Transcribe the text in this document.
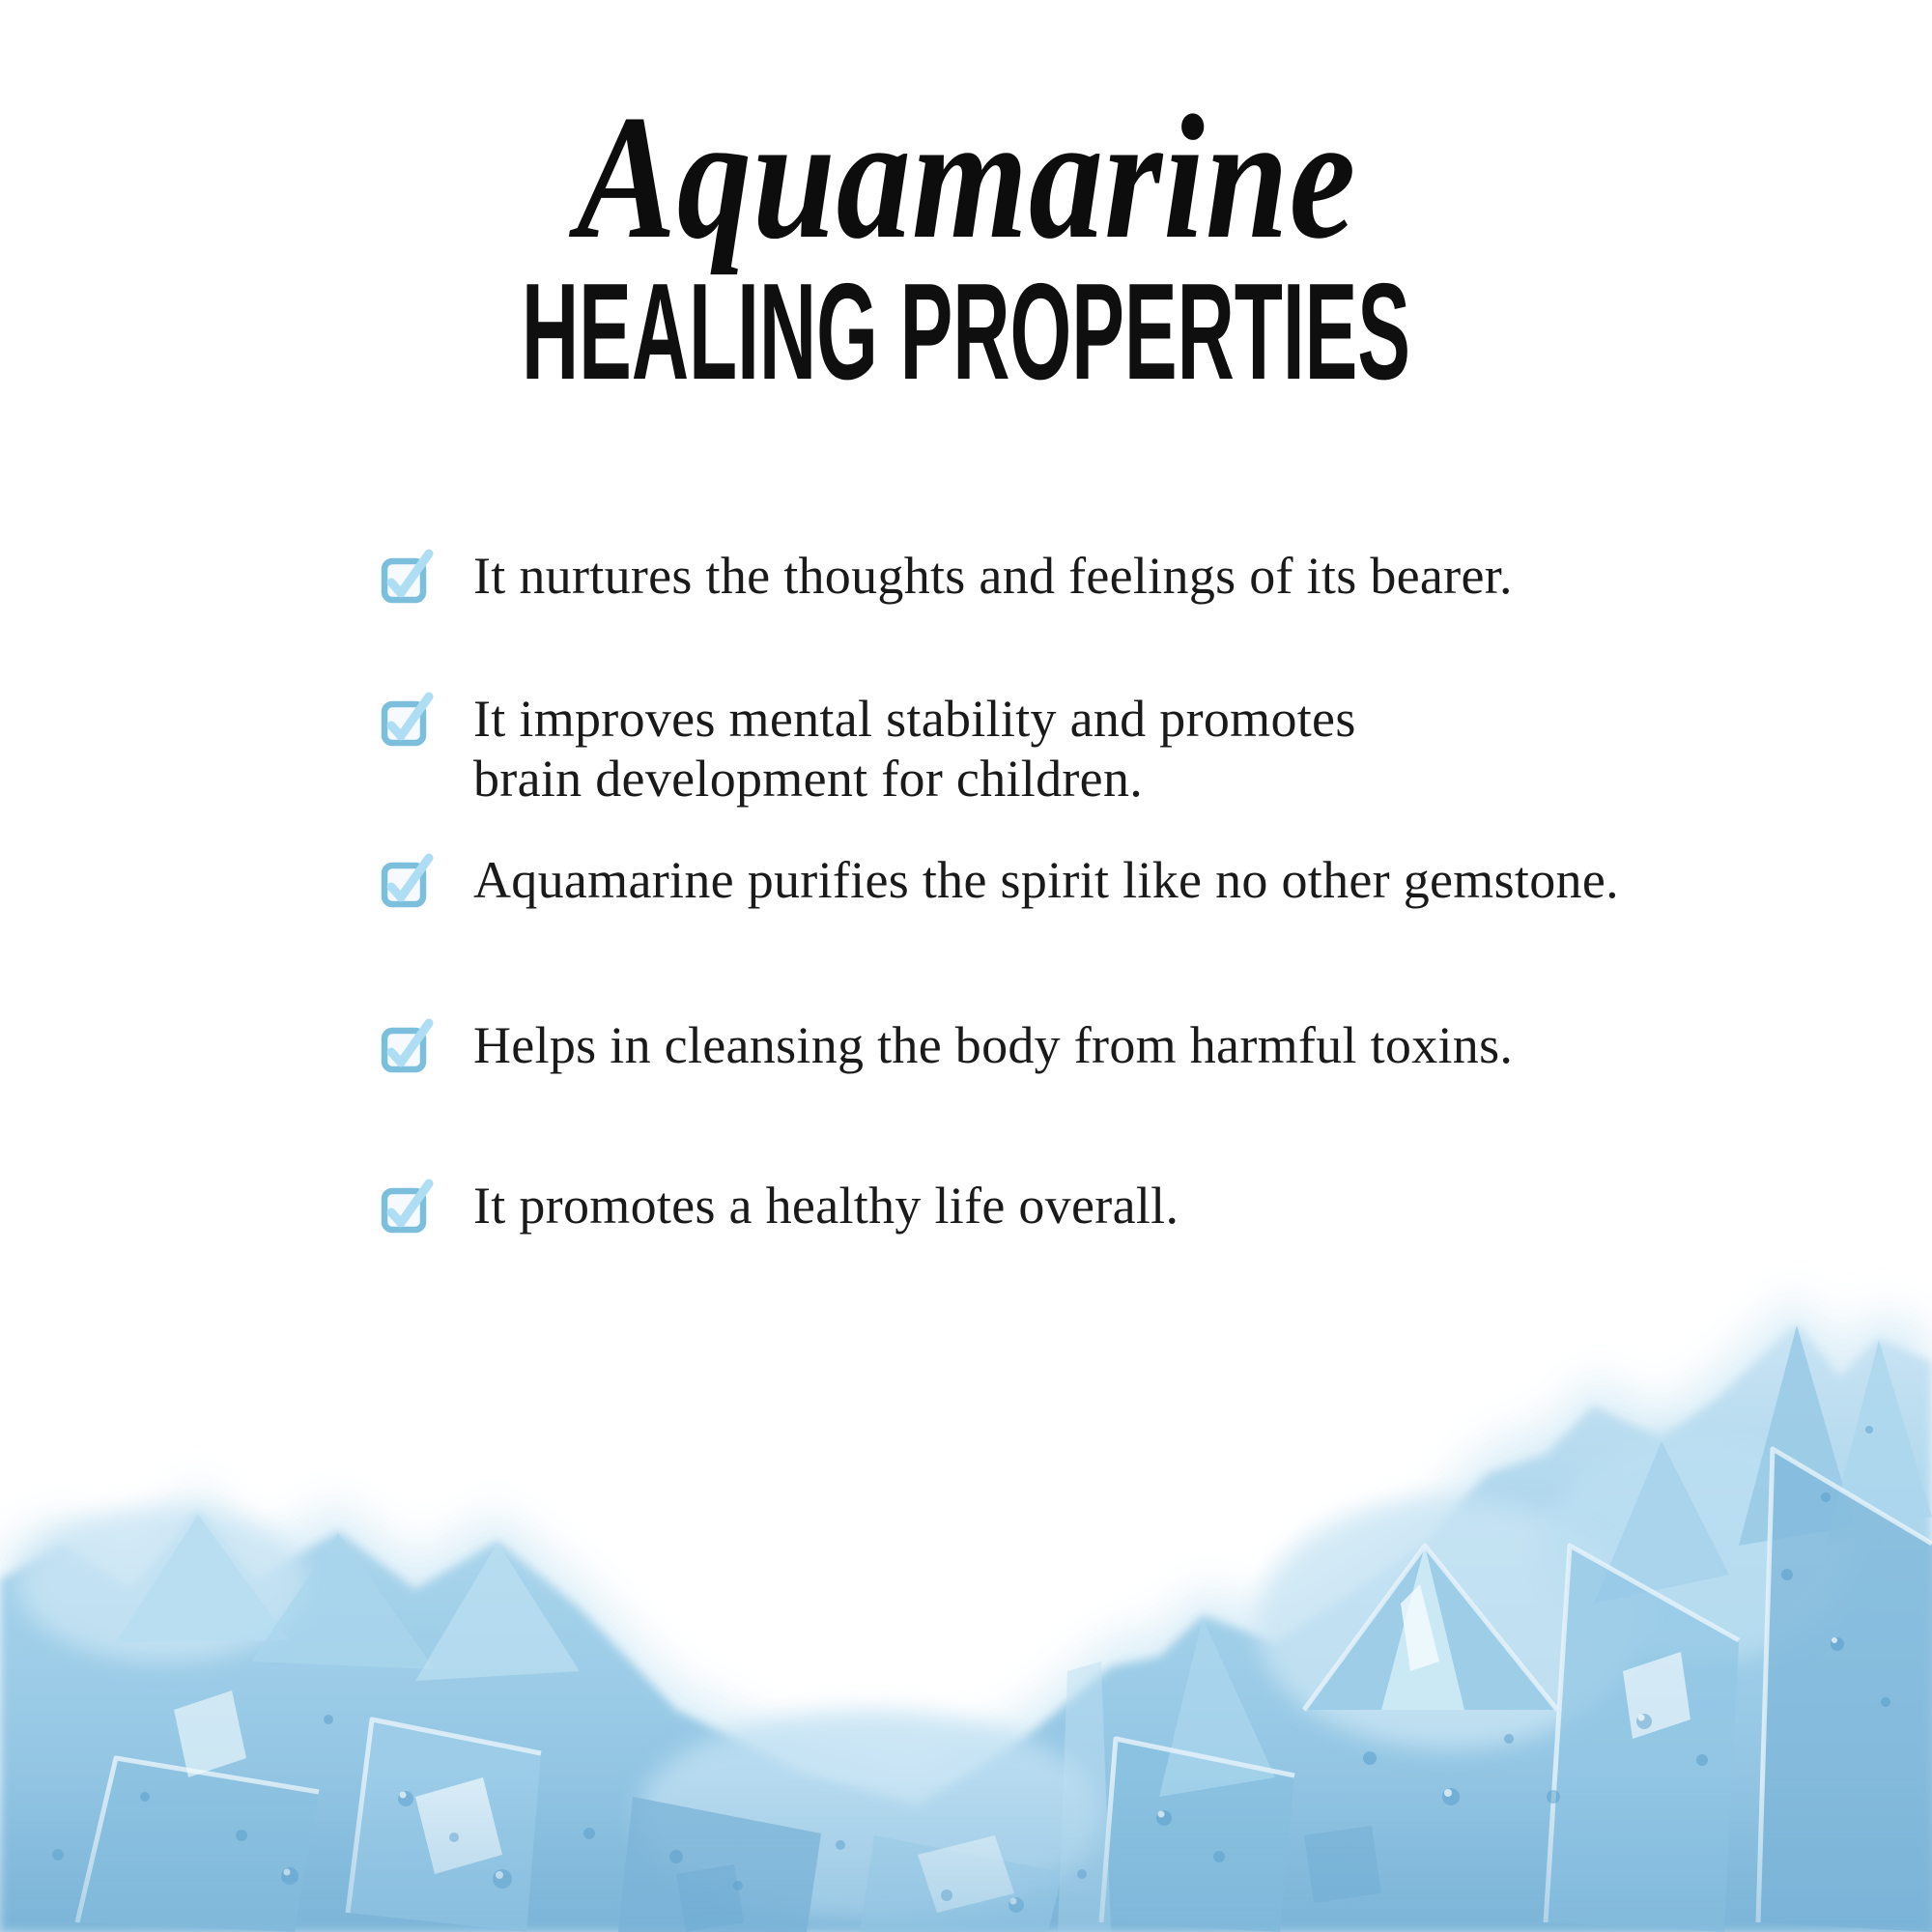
Aquamarine
HEALING PROPERTIES
It nurtures the thoughts and feelings of its bearer.
It improves mental stability and promotes
brain development for children.
Aquamarine purifies the spirit like no other gemstone.
Helps in cleansing the body from harmful toxins.
It promotes a healthy life overall.
